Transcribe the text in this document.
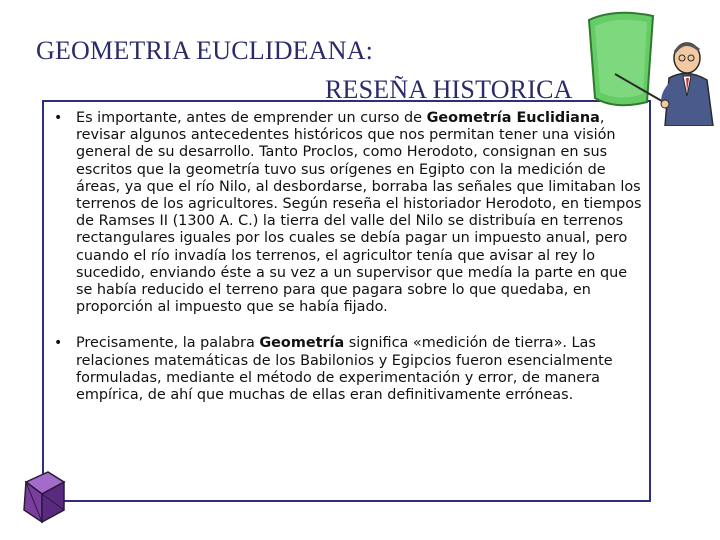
GEOMETRIA EUCLIDEANA:
RESEÑA HISTORICA
• Es importante, antes de emprender un curso de Geometría Euclidiana, revisar algunos antecedentes históricos que nos permitan tener una visión general de su desarrollo. Tanto Proclos, como Herodoto, consignan en sus escritos que la geometría tuvo sus orígenes en Egipto con la medición de áreas, ya que el río Nilo, al desbordarse, borraba las señales que limitaban los terrenos de los agricultores. Según reseña el historiador Herodoto, en tiempos de Ramses II (1300 A. C.) la tierra del valle del Nilo se distribuía en terrenos rectangulares iguales por los cuales se debía pagar un impuesto anual, pero cuando el río invadía los terrenos, el agricultor tenía que avisar al rey lo sucedido, enviando éste a su vez a un supervisor que medía la parte en que se había reducido el terreno para que pagara sobre lo que quedaba, en proporción al impuesto que se había fijado.
• Precisamente, la palabra Geometría significa «medición de tierra». Las relaciones matemáticas de los Babilonios y Egipcios fueron esencialmente formuladas, mediante el método de experimentación y error, de manera empírica, de ahí que muchas de ellas eran definitivamente erróneas.
